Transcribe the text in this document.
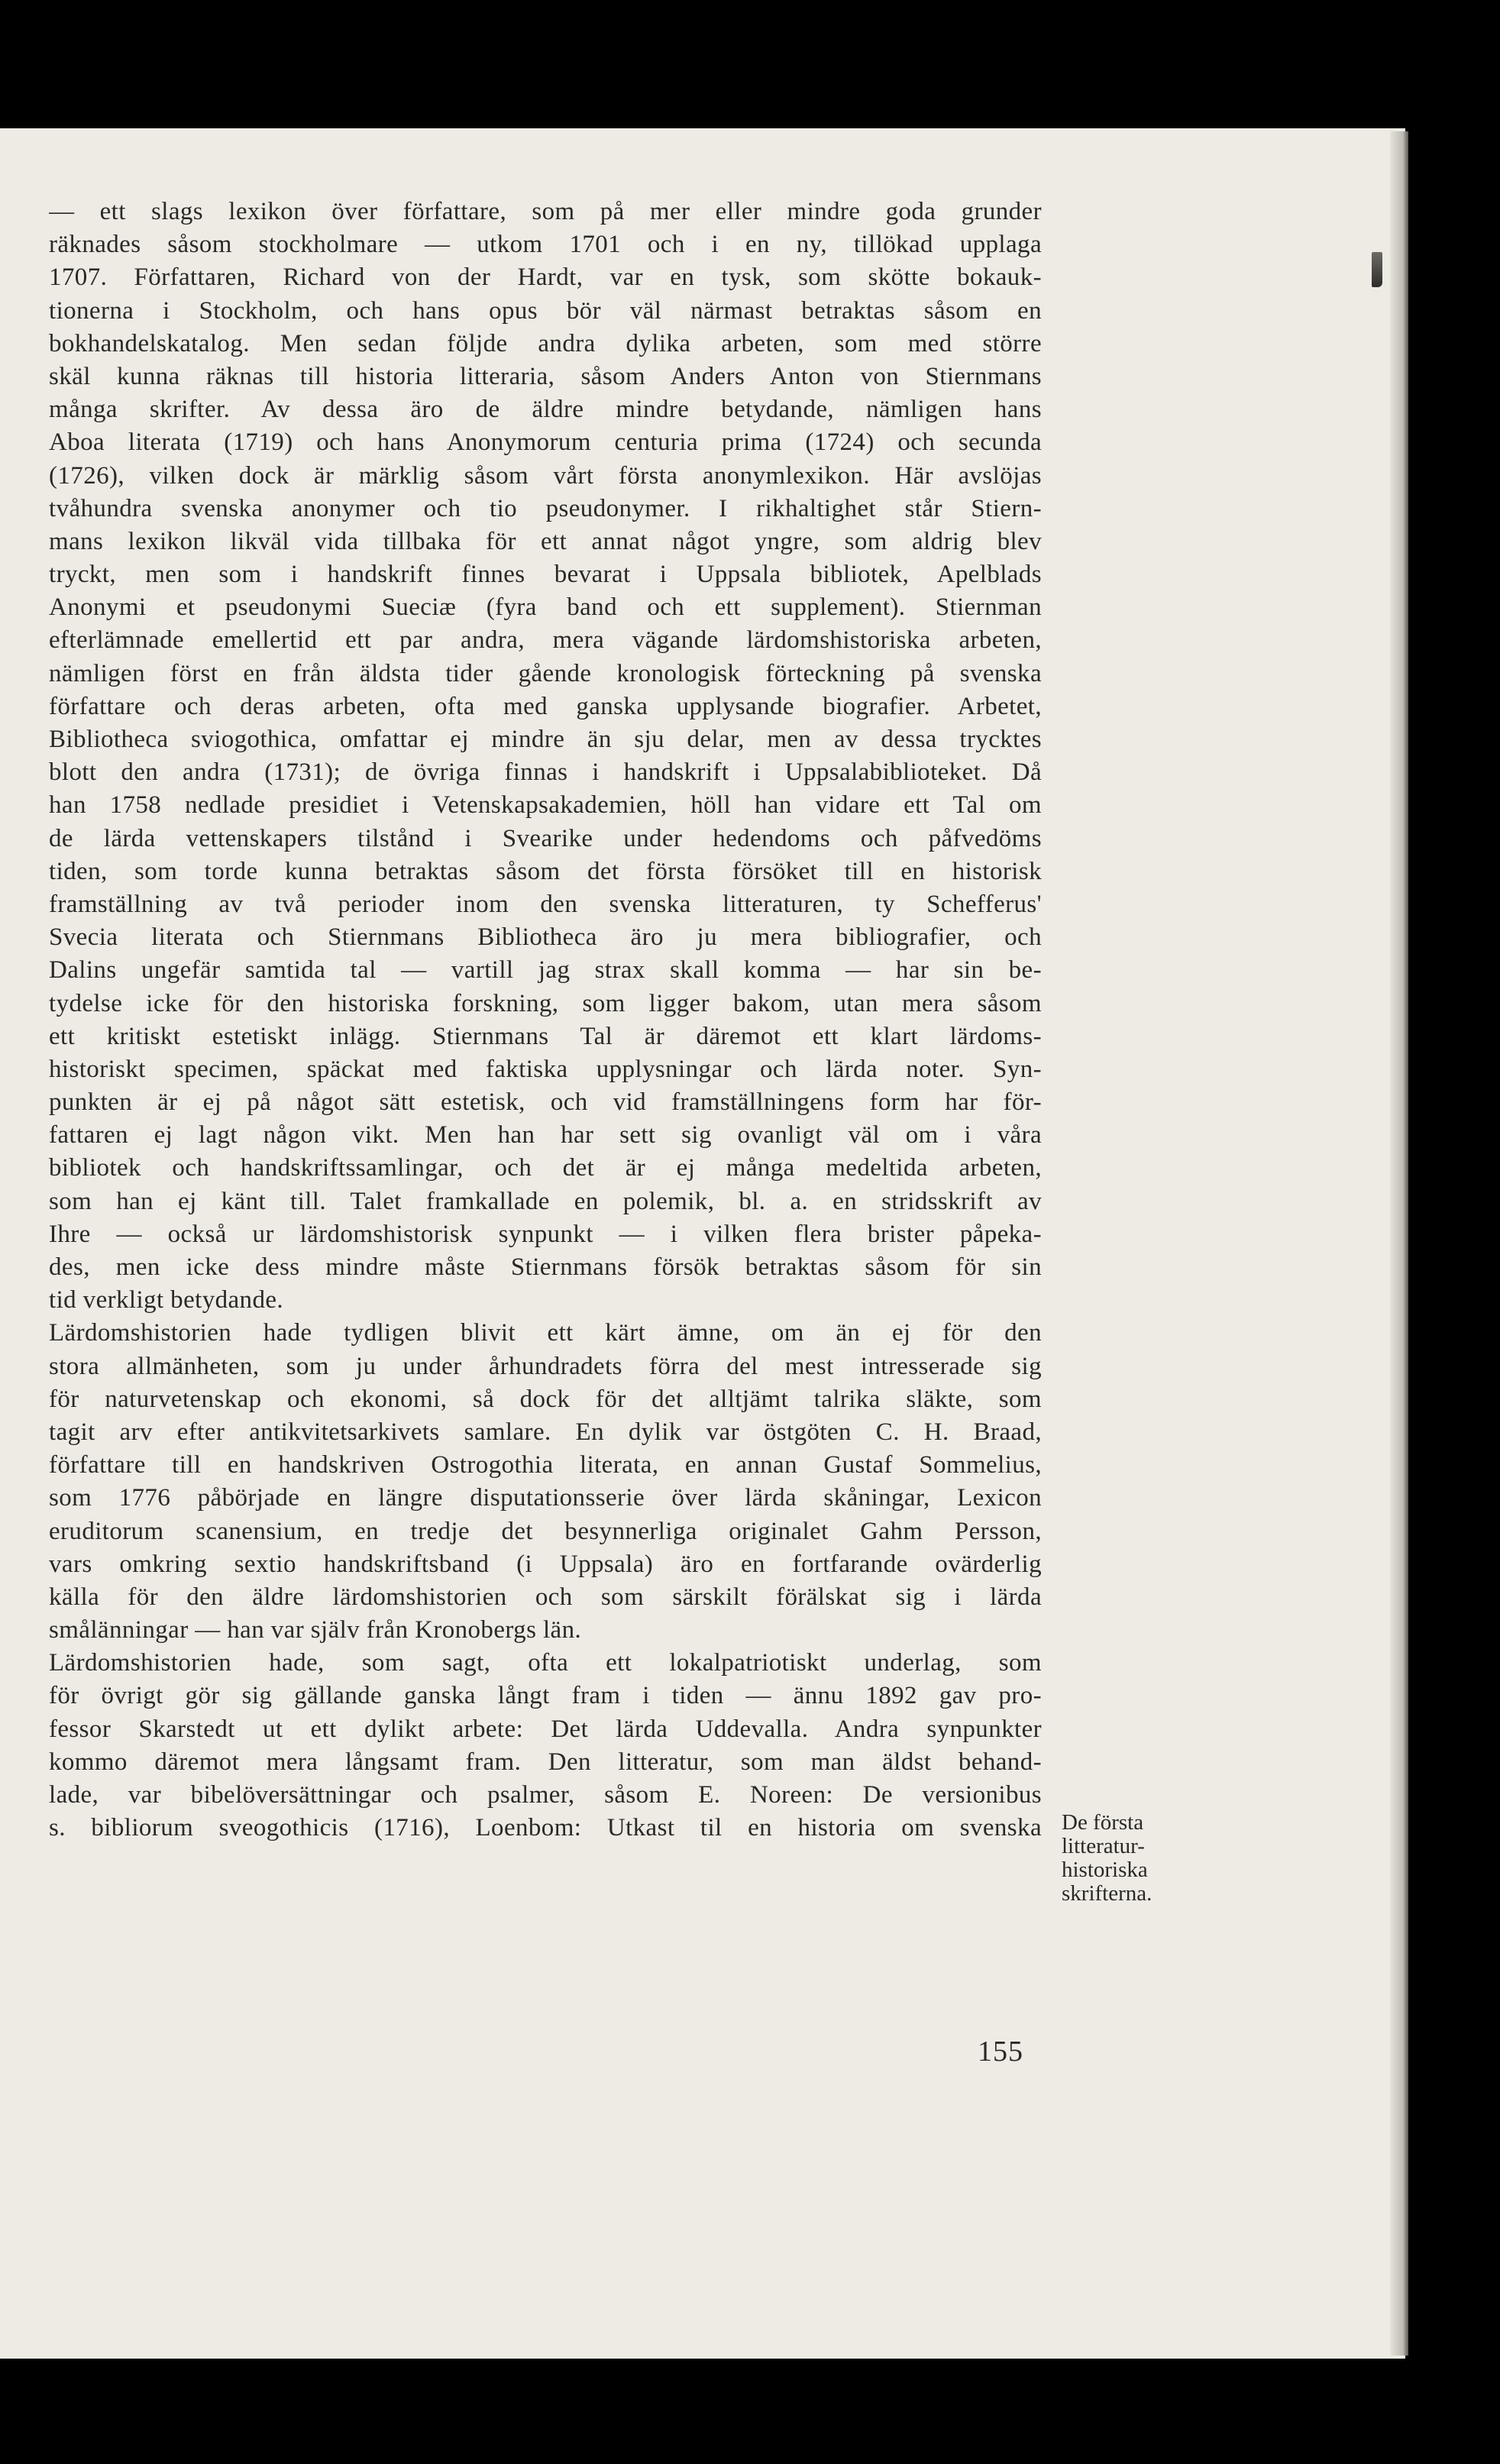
— ett slags lexikon över författare, som på mer eller mindre goda grunder
räknades såsom stockholmare — utkom 1701 och i en ny, tillökad upplaga
1707. Författaren, Richard von der Hardt, var en tysk, som skötte bokauk-
tionerna i Stockholm, och hans opus bör väl närmast betraktas såsom en
bokhandelskatalog. Men sedan följde andra dylika arbeten, som med större
skäl kunna räknas till historia litteraria, såsom Anders Anton von Stiernmans
många skrifter. Av dessa äro de äldre mindre betydande, nämligen hans
Aboa literata (1719) och hans Anonymorum centuria prima (1724) och secunda
(1726), vilken dock är märklig såsom vårt första anonymlexikon. Här avslöjas
tvåhundra svenska anonymer och tio pseudonymer. I rikhaltighet står Stiern-
mans lexikon likväl vida tillbaka för ett annat något yngre, som aldrig blev
tryckt, men som i handskrift finnes bevarat i Uppsala bibliotek, Apelblads
Anonymi et pseudonymi Sueciæ (fyra band och ett supplement). Stiernman
efterlämnade emellertid ett par andra, mera vägande lärdomshistoriska arbeten,
nämligen först en från äldsta tider gående kronologisk förteckning på svenska
författare och deras arbeten, ofta med ganska upplysande biografier. Arbetet,
Bibliotheca sviogothica, omfattar ej mindre än sju delar, men av dessa trycktes
blott den andra (1731); de övriga finnas i handskrift i Uppsalabiblioteket. Då
han 1758 nedlade presidiet i Vetenskapsakademien, höll han vidare ett Tal om
de lärda vettenskapers tilstånd i Svearike under hedendoms och påfvedöms
tiden, som torde kunna betraktas såsom det första försöket till en historisk
framställning av två perioder inom den svenska litteraturen, ty Schefferus'
Svecia literata och Stiernmans Bibliotheca äro ju mera bibliografier, och
Dalins ungefär samtida tal — vartill jag strax skall komma — har sin be-
tydelse icke för den historiska forskning, som ligger bakom, utan mera såsom
ett kritiskt estetiskt inlägg. Stiernmans Tal är däremot ett klart lärdoms-
historiskt specimen, späckat med faktiska upplysningar och lärda noter. Syn-
punkten är ej på något sätt estetisk, och vid framställningens form har för-
fattaren ej lagt någon vikt. Men han har sett sig ovanligt väl om i våra
bibliotek och handskriftssamlingar, och det är ej många medeltida arbeten,
som han ej känt till. Talet framkallade en polemik, bl. a. en stridsskrift av
Ihre — också ur lärdomshistorisk synpunkt — i vilken flera brister påpeka-
des, men icke dess mindre måste Stiernmans försök betraktas såsom för sin
tid verkligt betydande.
Lärdomshistorien hade tydligen blivit ett kärt ämne, om än ej för den
stora allmänheten, som ju under århundradets förra del mest intresserade sig
för naturvetenskap och ekonomi, så dock för det alltjämt talrika släkte, som
tagit arv efter antikvitetsarkivets samlare. En dylik var östgöten C. H. Braad,
författare till en handskriven Ostrogothia literata, en annan Gustaf Sommelius,
som 1776 påbörjade en längre disputationsserie över lärda skåningar, Lexicon
eruditorum scanensium, en tredje det besynnerliga originalet Gahm Persson,
vars omkring sextio handskriftsband (i Uppsala) äro en fortfarande ovärderlig
källa för den äldre lärdomshistorien och som särskilt förälskat sig i lärda
smålänningar — han var själv från Kronobergs län.
Lärdomshistorien hade, som sagt, ofta ett lokalpatriotiskt underlag, som
för övrigt gör sig gällande ganska långt fram i tiden — ännu 1892 gav pro-
fessor Skarstedt ut ett dylikt arbete: Det lärda Uddevalla. Andra synpunkter
kommo däremot mera långsamt fram. Den litteratur, som man äldst behand-
lade, var bibelöversättningar och psalmer, såsom E. Noreen: De versionibus
s. bibliorum sveogothicis (1716), Loenbom: Utkast til en historia om svenska De första
litteratur-
historiska
skrifterna.
155
